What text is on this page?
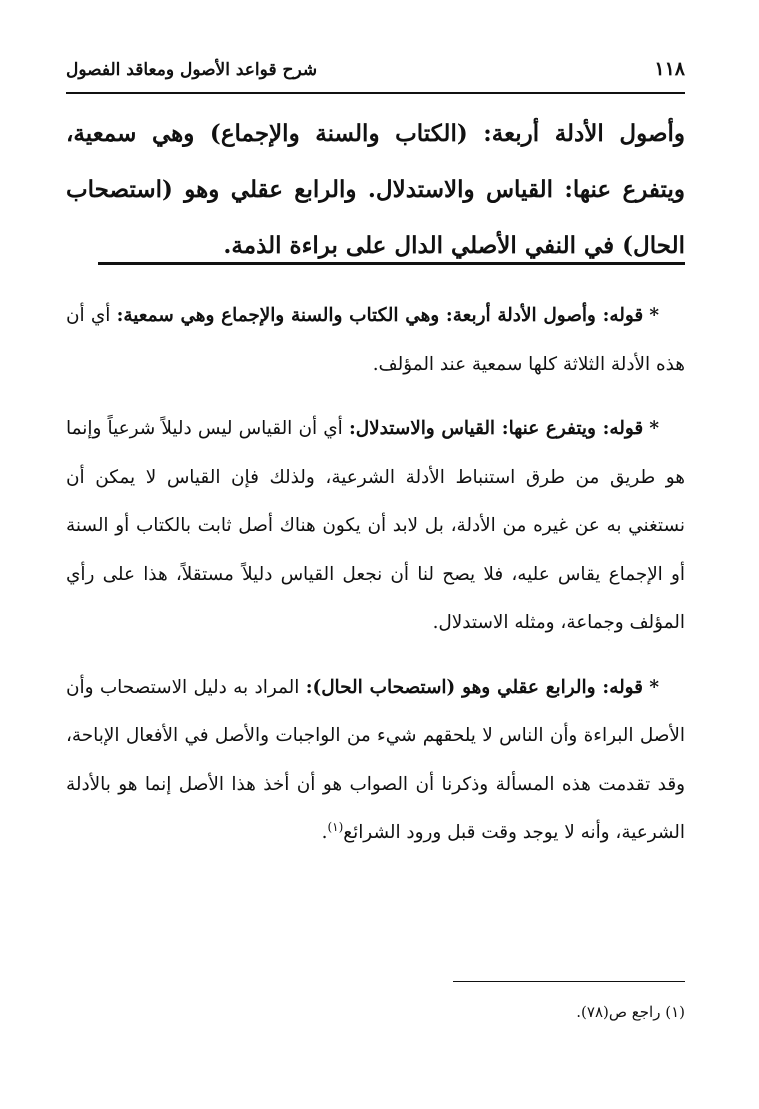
١١٨
شرح قواعد الأصول ومعاقد الفصول
وأصول الأدلة أربعة: (الكتاب والسنة والإجماع) وهي سمعية، ويتفرع عنها: القياس والاستدلال. والرابع عقلي وهو (استصحاب الحال) في النفي الأصلي الدال على براءة الذمة.

* قوله: وأصول الأدلة أربعة: وهي الكتاب والسنة والإجماع وهي سمعية: أي أن هذه الأدلة الثلاثة كلها سمعية عند المؤلف.

* قوله: ويتفرع عنها: القياس والاستدلال: أي أن القياس ليس دليلاً شرعياً وإنما هو طريق من طرق استنباط الأدلة الشرعية، ولذلك فإن القياس لا يمكن أن نستغني به عن غيره من الأدلة، بل لابد أن يكون هناك أصل ثابت بالكتاب أو السنة أو الإجماع يقاس عليه، فلا يصح لنا أن نجعل القياس دليلاً مستقلاً، هذا على رأي المؤلف وجماعة، ومثله الاستدلال.

* قوله: والرابع عقلي وهو (استصحاب الحال): المراد به دليل الاستصحاب وأن الأصل البراءة وأن الناس لا يلحقهم شيء من الواجبات والأصل في الأفعال الإباحة، وقد تقدمت هذه المسألة وذكرنا أن الصواب هو أن أخذ هذا الأصل إنما هو بالأدلة الشرعية، وأنه لا يوجد وقت قبل ورود الشرائع$^{(١)}$.

(١) راجع ص(٧٨).
